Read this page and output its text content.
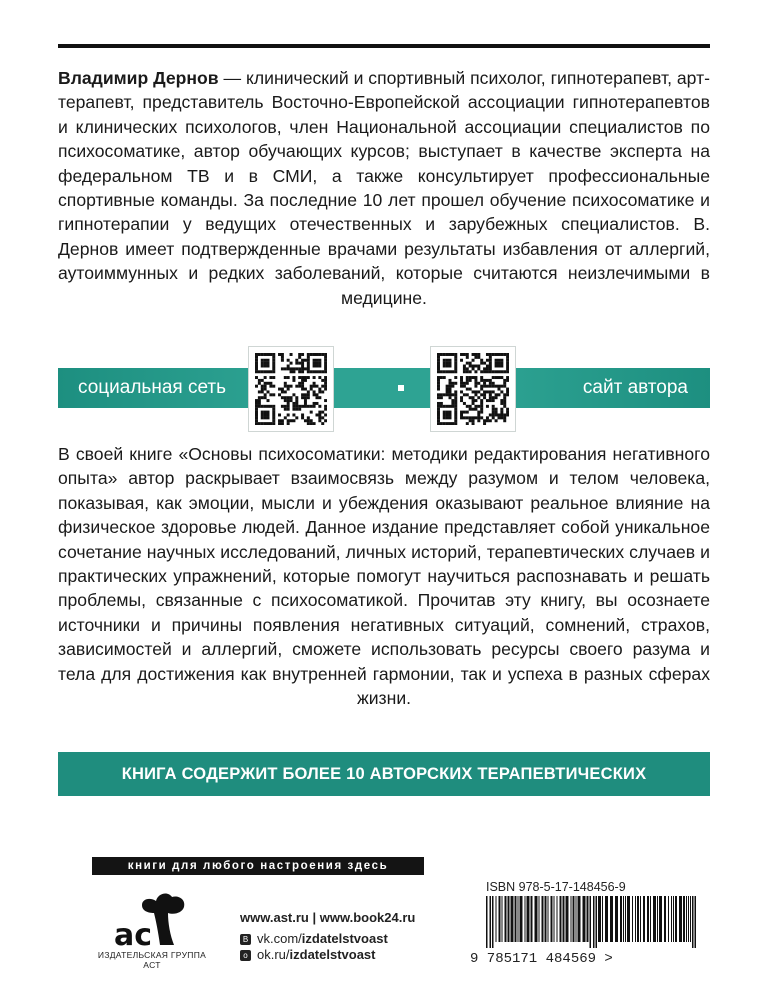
Владимир Дернов — клинический и спортивный психолог, гипнотерапевт, арт-терапевт, представитель Восточно-Европейской ассоциации гипнотерапевтов и клинических психологов, член Национальной ассоциации специалистов по психосоматике, автор обучающих курсов; выступает в качестве эксперта на федеральном ТВ и в СМИ, а также консультирует профессиональные спортивные команды. За последние 10 лет прошел обучение психосоматике и гипнотерапии у ведущих отечественных и зарубежных специалистов. В. Дернов имеет подтвержденные врачами результаты избавления от аллергий, аутоиммунных и редких заболеваний, которые считаются неизлечимыми в медицине.
социальная сеть	сайт автора
В своей книге «Основы психосоматики: методики редактирования негативного опыта» автор раскрывает взаимосвязь между разумом и телом человека, показывая, как эмоции, мысли и убеждения оказывают реальное влияние на физическое здоровье людей. Данное издание представляет собой уникальное сочетание научных исследований, личных историй, терапевтических случаев и практических упражнений, которые помогут научиться распознавать и решать проблемы, связанные с психосоматикой. Прочитав эту книгу, вы осознаете источники и причины появления негативных ситуаций, сомнений, страхов, зависимостей и аллергий, сможете использовать ресурсы своего разума и тела для достижения как внутренней гармонии, так и успеха в разных сферах жизни.
КНИГА СОДЕРЖИТ БОЛЕЕ 10 АВТОРСКИХ ТЕРАПЕВТИЧЕСКИХ ГИПНОМЕДИТАЦИЙ
книги для любого настроения здесь
ac
ИЗДАТЕЛЬСКАЯ ГРУППА АСТ
www.ast.ru | www.book24.ru
В vk.com/izdatelstvoast
о ok.ru/izdatelstvoast
ISBN 978-5-17-148456-9
9 785171 484569 >
